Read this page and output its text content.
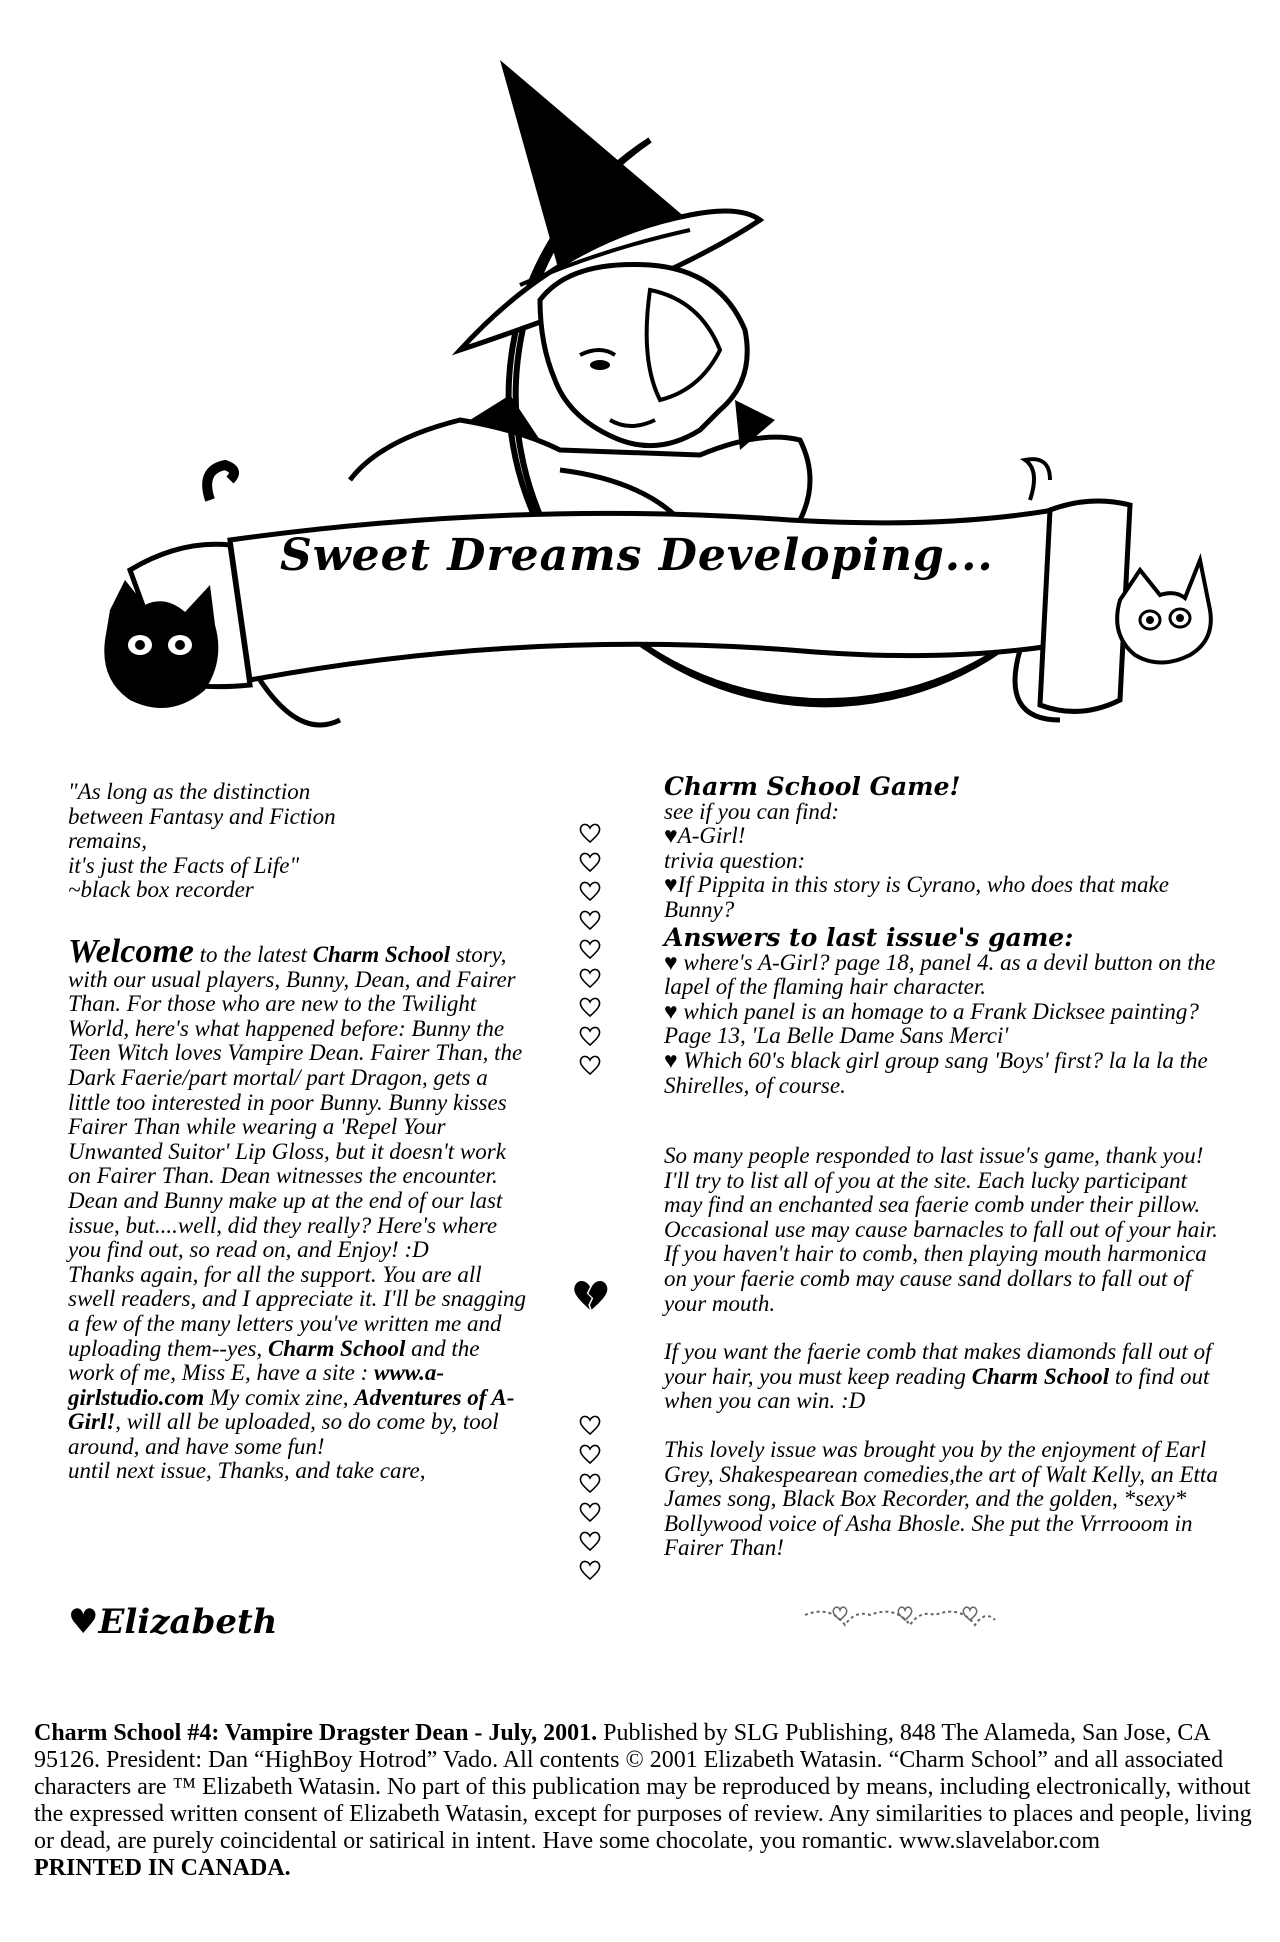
Sweet Dreams Developing...
"As long as the distinction
between Fantasy and Fiction
remains,
it's just the Facts of Life"
~black box recorder

Welcome to the latest Charm School story, with our usual players, Bunny, Dean, and Fairer Than. For those who are new to the Twilight World, here's what happened before: Bunny the Teen Witch loves Vampire Dean. Fairer Than, the Dark Faerie/part mortal/ part Dragon, gets a little too interested in poor Bunny. Bunny kisses Fairer Than while wearing a 'Repel Your Unwanted Suitor' Lip Gloss, but it doesn't work on Fairer Than. Dean witnesses the encounter. Dean and Bunny make up at the end of our last issue, but....well, did they really? Here's where you find out, so read on, and Enjoy! :D

Thanks again, for all the support. You are all swell readers, and I appreciate it. I'll be snagging a few of the many letters you've written me and uploading them--yes, Charm School and the work of me, Miss E, have a site : www.a-girlstudio.com My comix zine, Adventures of A-Girl!, will all be uploaded, so do come by, tool around, and have some fun!

until next issue, Thanks, and take care,

♥Elizabeth
Charm School Game!
see if you can find:
♥A-Girl!
trivia question:
♥If Pippita in this story is Cyrano, who does that make Bunny?
Answers to last issue's game:
♥ where's A-Girl? page 18, panel 4. as a devil button on the lapel of the flaming hair character.
♥ which panel is an homage to a Frank Dicksee painting? Page 13, 'La Belle Dame Sans Merci'
♥ Which 60's black girl group sang 'Boys' first? la la la the Shirelles, of course.

So many people responded to last issue's game, thank you! I'll try to list all of you at the site. Each lucky participant may find an enchanted sea faerie comb under their pillow. Occasional use may cause barnacles to fall out of your hair. If you haven't hair to comb, then playing mouth harmonica on your faerie comb may cause sand dollars to fall out of your mouth.

If you want the faerie comb that makes diamonds fall out of your hair, you must keep reading Charm School to find out when you can win. :D

This lovely issue was brought you by the enjoyment of Earl Grey, Shakespearean comedies,the art of Walt Kelly, an Etta James song, Black Box Recorder, and the golden, *sexy* Bollywood voice of Asha Bhosle. She put the Vrrrooom in Fairer Than!

Charm School #4: Vampire Dragster Dean - July, 2001. Published by SLG Publishing, 848 The Alameda, San Jose, CA 95126. President: Dan “HighBoy Hotrod” Vado. All contents © 2001 Elizabeth Watasin. “Charm School” and all associated characters are ™ Elizabeth Watasin. No part of this publication may be reproduced by means, including electronically, without the expressed written consent of Elizabeth Watasin, except for purposes of review. Any similarities to places and people, living or dead, are purely coincidental or satirical in intent. Have some chocolate, you romantic. www.slavelabor.com
PRINTED IN CANADA.
